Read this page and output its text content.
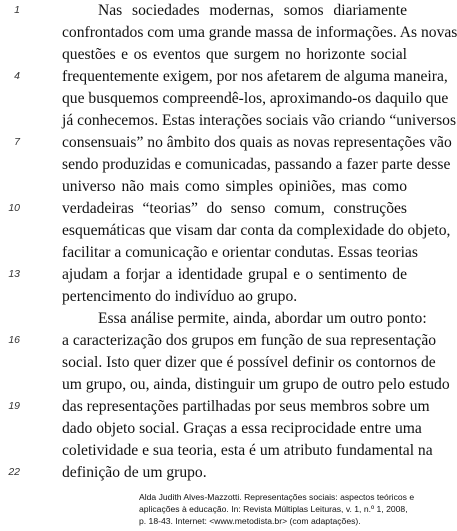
Nas sociedades modernas, somos diariamente
confrontados com uma grande massa de informações. As novas
questões e os eventos que surgem no horizonte social
frequentemente exigem, por nos afetarem de alguma maneira,
que busquemos compreendê-los, aproximando-os daquilo que
já conhecemos. Estas interações sociais vão criando “universos
consensuais” no âmbito dos quais as novas representações vão
sendo produzidas e comunicadas, passando a fazer parte desse
universo não mais como simples opiniões, mas como
verdadeiras “teorias” do senso comum, construções
esquemáticas que visam dar conta da complexidade do objeto,
facilitar a comunicação e orientar condutas. Essas teorias
ajudam a forjar a identidade grupal e o sentimento de
pertencimento do indivíduo ao grupo.
Essa análise permite, ainda, abordar um outro ponto:
a caracterização dos grupos em função de sua representação
social. Isto quer dizer que é possível definir os contornos de
um grupo, ou, ainda, distinguir um grupo de outro pelo estudo
das representações partilhadas por seus membros sobre um
dado objeto social. Graças a essa reciprocidade entre uma
coletividade e sua teoria, esta é um atributo fundamental na
definição de um grupo.
1
4
7
10
13
16
19
22
Alda Judith Alves-Mazzotti. Representações sociais: aspectos teóricos e
aplicações à educação. In: Revista Múltiplas Leituras, v. 1, n.º 1, 2008,
p. 18-43. Internet: <www.metodista.br> (com adaptações).
